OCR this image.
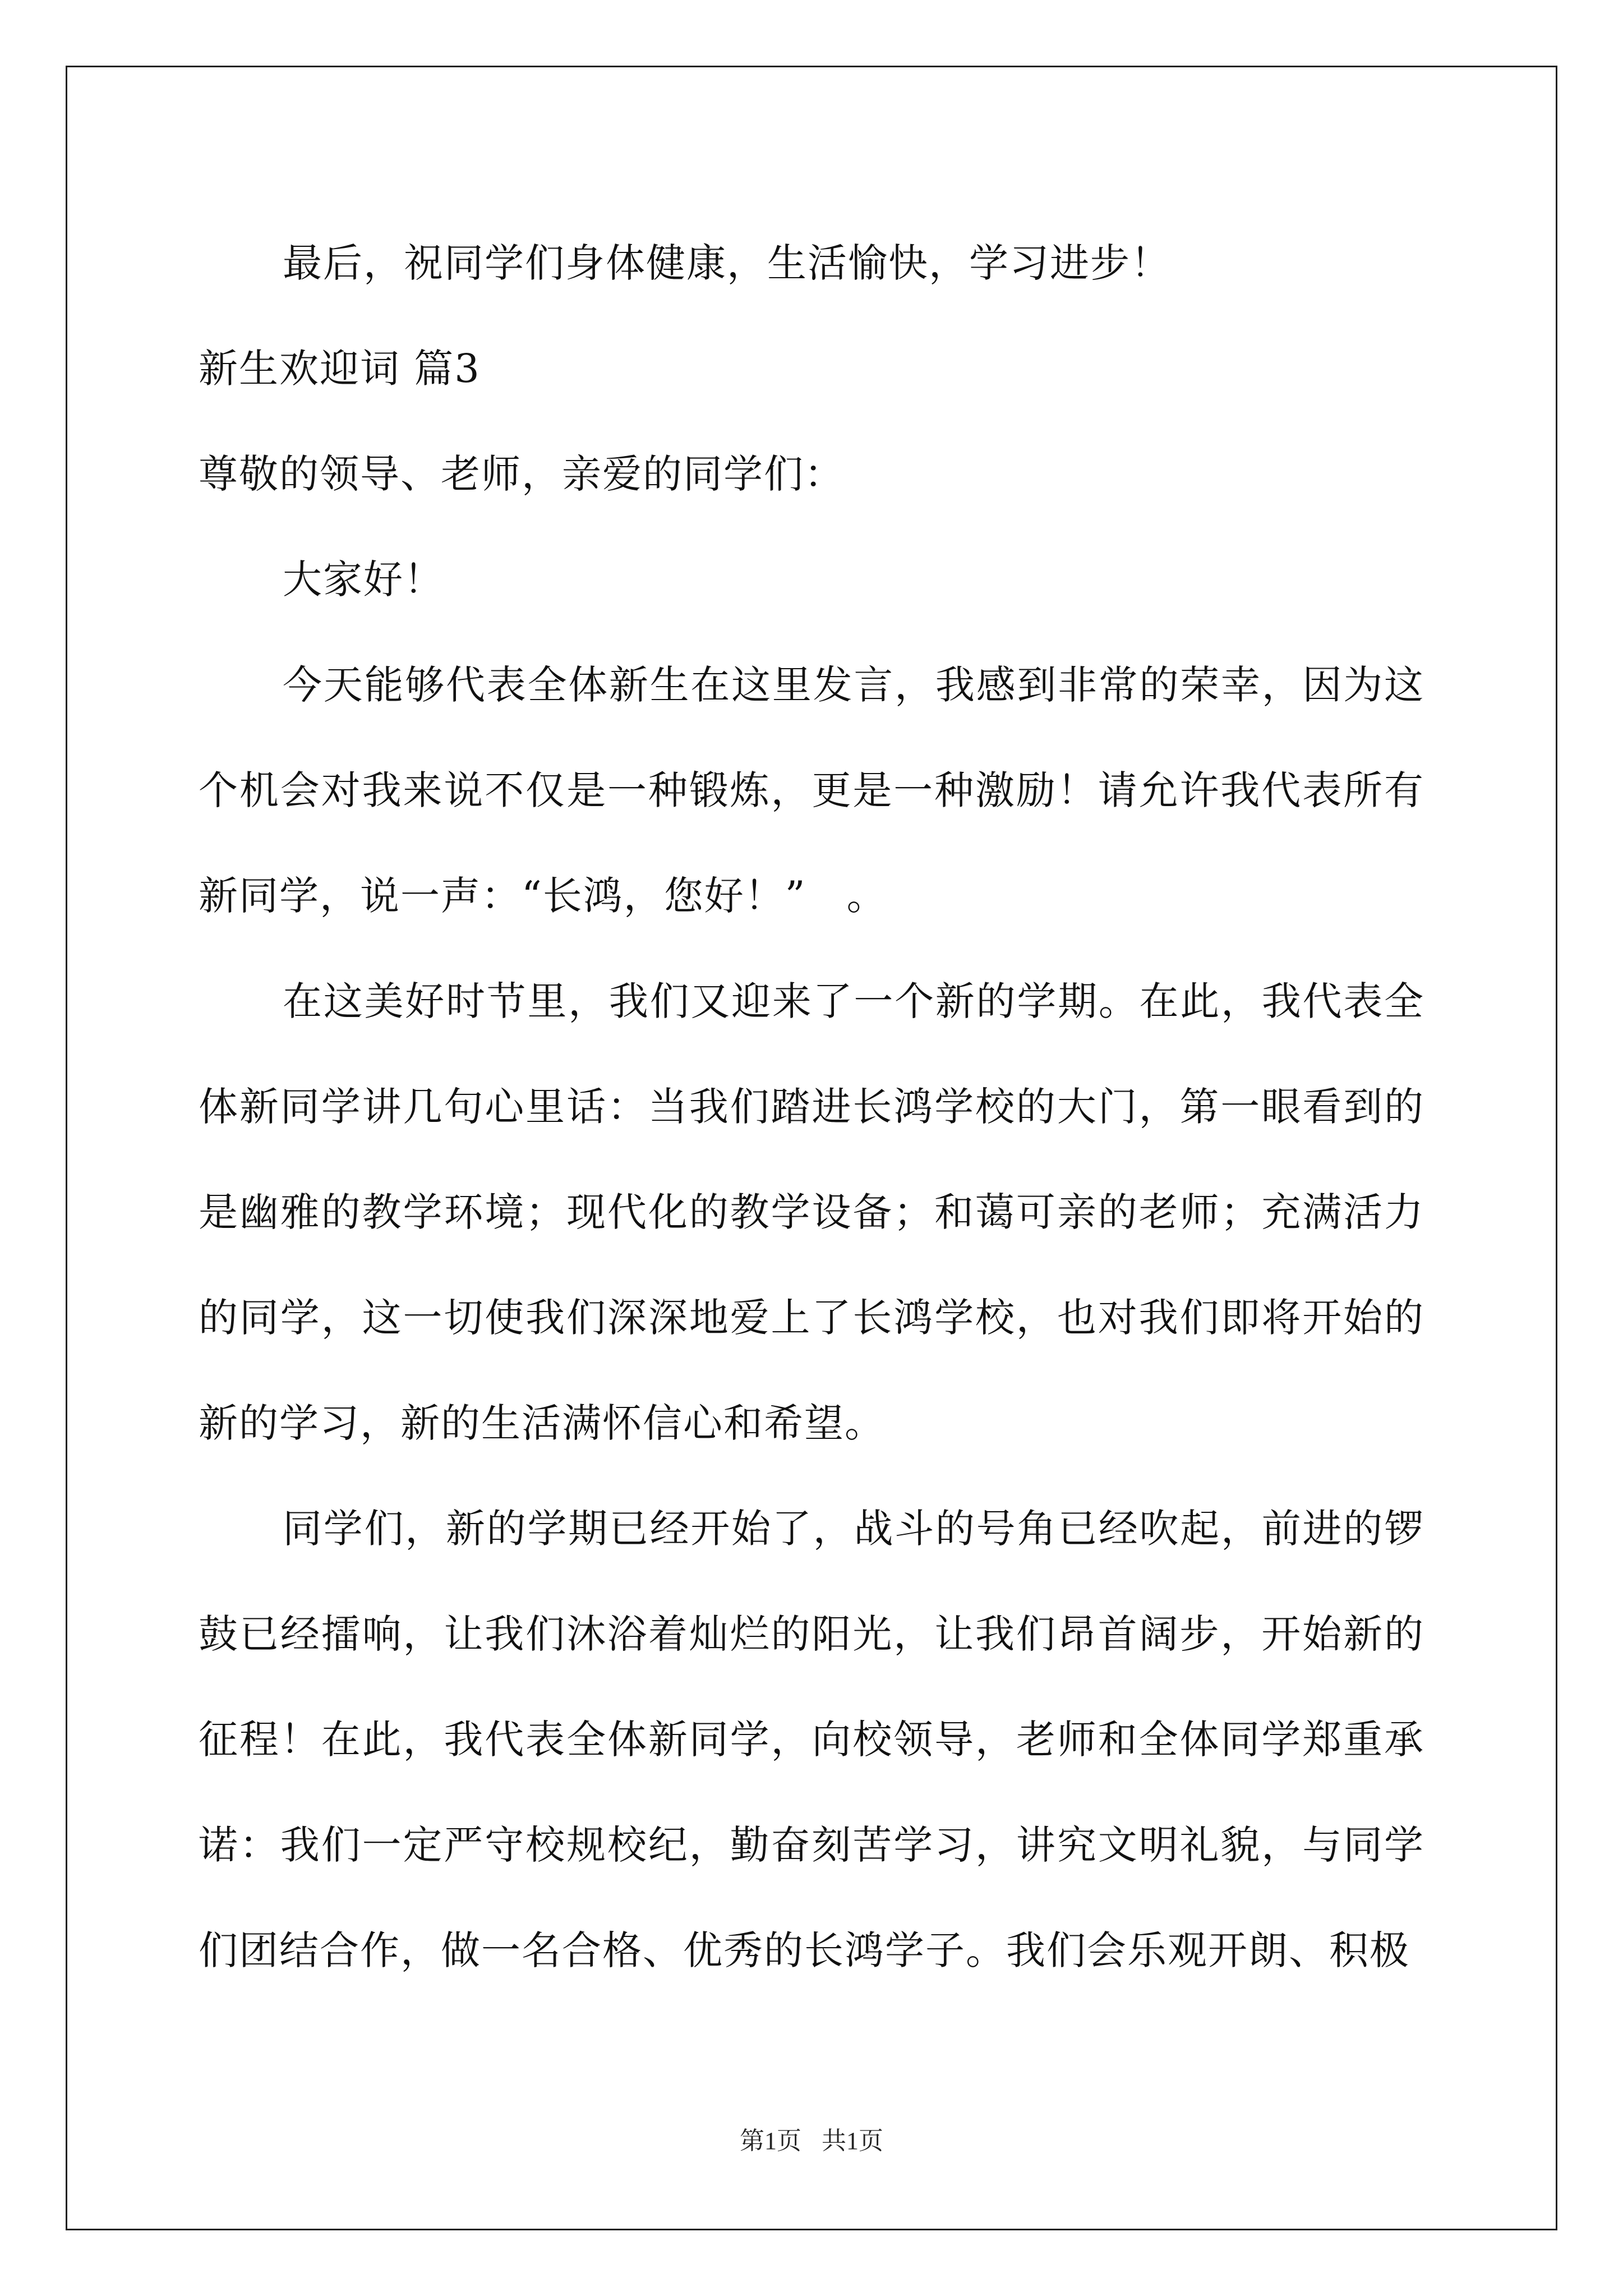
最后，祝同学们身体健康，生活愉快，学习进步！

新生欢迎词 篇3

尊敬的领导、老师，亲爱的同学们：

大家好！

今天能够代表全体新生在这里发言，我感到非常的荣幸，因为这个机会对我来说不仅是一种锻炼，更是一种激励！请允许我代表所有新同学，说一声：“长鸿，您好！”　。

在这美好时节里，我们又迎来了一个新的学期。在此，我代表全体新同学讲几句心里话：当我们踏进长鸿学校的大门，第一眼看到的是幽雅的教学环境；现代化的教学设备；和蔼可亲的老师；充满活力的同学，这一切使我们深深地爱上了长鸿学校，也对我们即将开始的新的学习，新的生活满怀信心和希望。

同学们，新的学期已经开始了，战斗的号角已经吹起，前进的锣鼓已经擂响，让我们沐浴着灿烂的阳光，让我们昂首阔步，开始新的征程！在此，我代表全体新同学，向校领导，老师和全体同学郑重承诺：我们一定严守校规校纪，勤奋刻苦学习，讲究文明礼貌，与同学们团结合作，做一名合格、优秀的长鸿学子。我们会乐观开朗、积极

第1页 共1页
